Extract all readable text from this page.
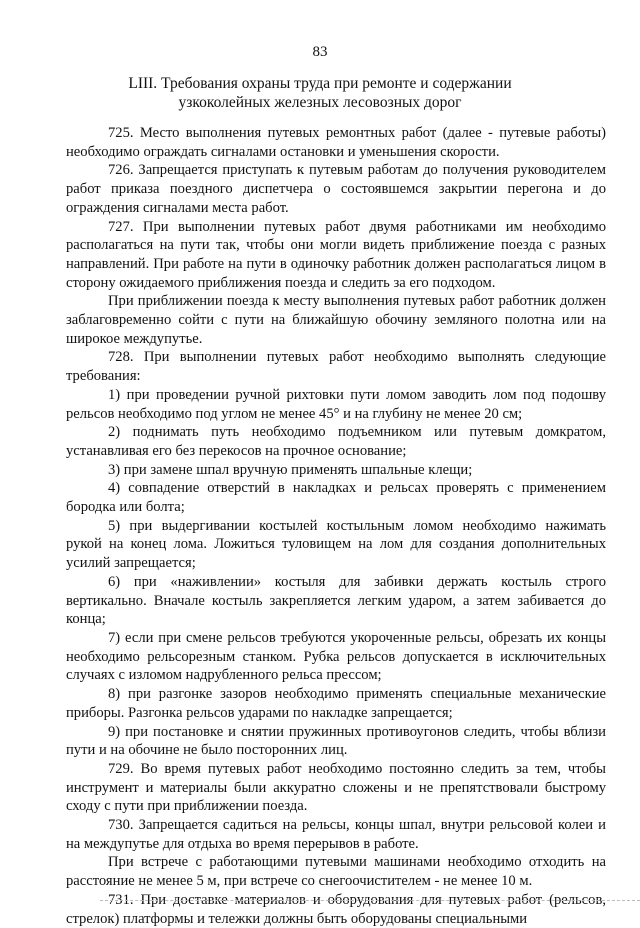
83
LIII. Требования охраны труда при ремонте и содержании
узкоколейных железных лесовозных дорог

725. Место выполнения путевых ремонтных работ (далее - путевые работы) необходимо ограждать сигналами остановки и уменьшения скорости.

726. Запрещается приступать к путевым работам до получения руководителем работ приказа поездного диспетчера о состоявшемся закрытии перегона и до ограждения сигналами места работ.

727. При выполнении путевых работ двумя работниками им необходимо располагаться на пути так, чтобы они могли видеть приближение поезда с разных направлений. При работе на пути в одиночку работник должен располагаться лицом в сторону ожидаемого приближения поезда и следить за его подходом.

При приближении поезда к месту выполнения путевых работ работник должен заблаговременно сойти с пути на ближайшую обочину земляного полотна или на широкое междупутье.

728. При выполнении путевых работ необходимо выполнять следующие требования:

1) при проведении ручной рихтовки пути ломом заводить лом под подошву рельсов необходимо под углом не менее 45° и на глубину не менее 20 см;

2) поднимать путь необходимо подъемником или путевым домкратом, устанавливая его без перекосов на прочное основание;

3) при замене шпал вручную применять шпальные клещи;

4) совпадение отверстий в накладках и рельсах проверять с применением бородка или болта;

5) при выдергивании костылей костыльным ломом необходимо нажимать рукой на конец лома. Ложиться туловищем на лом для создания дополнительных усилий запрещается;

6) при «наживлении» костыля для забивки держать костыль строго вертикально. Вначале костыль закрепляется легким ударом, а затем забивается до конца;

7) если при смене рельсов требуются укороченные рельсы, обрезать их концы необходимо рельсорезным станком. Рубка рельсов допускается в исключительных случаях с изломом надрубленного рельса прессом;

8) при разгонке зазоров необходимо применять специальные механические приборы. Разгонка рельсов ударами по накладке запрещается;

9) при постановке и снятии пружинных противоугонов следить, чтобы вблизи пути и на обочине не было посторонних лиц.

729. Во время путевых работ необходимо постоянно следить за тем, чтобы инструмент и материалы были аккуратно сложены и не препятствовали быстрому сходу с пути при приближении поезда.

730. Запрещается садиться на рельсы, концы шпал, внутри рельсовой колеи и на междупутье для отдыха во время перерывов в работе.

При встрече с работающими путевыми машинами необходимо отходить на расстояние не менее 5 м, при встрече со снегоочистителем - не менее 10 м.

731. При доставке материалов и оборудования для путевых работ (рельсов, стрелок) платформы и тележки должны быть оборудованы специальными
